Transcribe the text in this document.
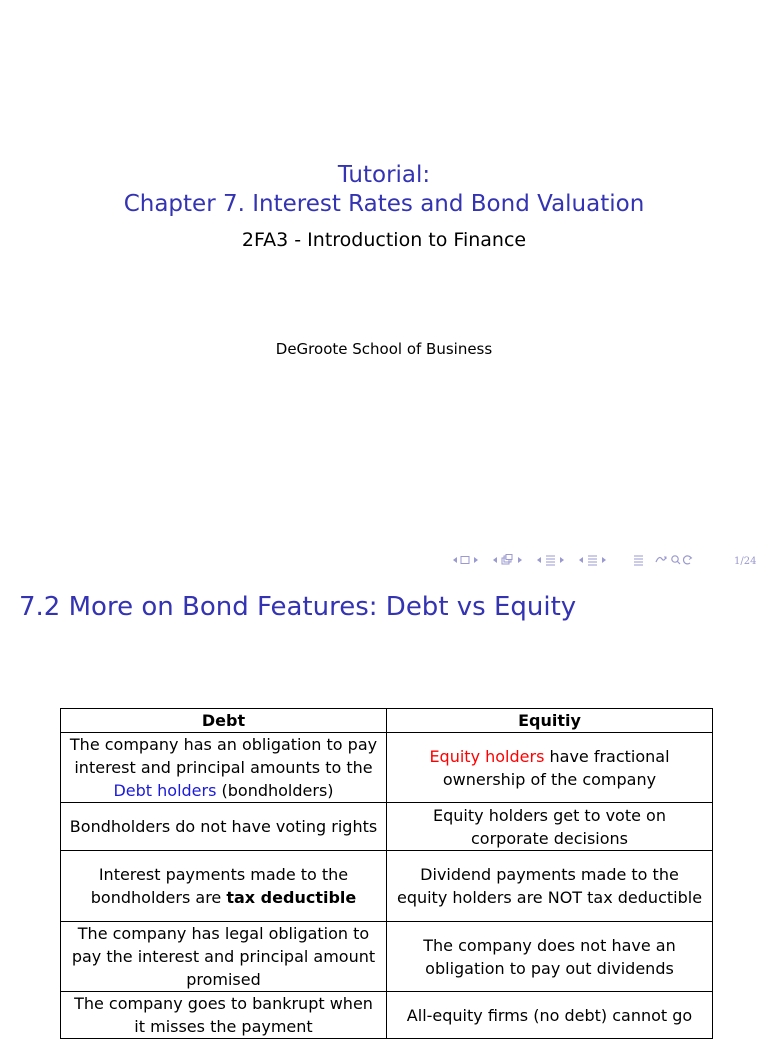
Tutorial:
Chapter 7. Interest Rates and Bond Valuation
2FA3 - Introduction to Finance
DeGroote School of Business
1/24
7.2 More on Bond Features: Debt vs Equity
Debt	Equitiy
The company has an obligation to pay interest and principal amounts to the Debt holders (bondholders)	Equity holders have fractional ownership of the company
Bondholders do not have voting rights	Equity holders get to vote on corporate decisions
Interest payments made to the bondholders are tax deductible	Dividend payments made to the equity holders are NOT tax deductible
The company has legal obligation to pay the interest and principal amount promised	The company does not have an obligation to pay out dividends
The company goes to bankrupt when it misses the payment	All-equity firms (no debt) cannot go
